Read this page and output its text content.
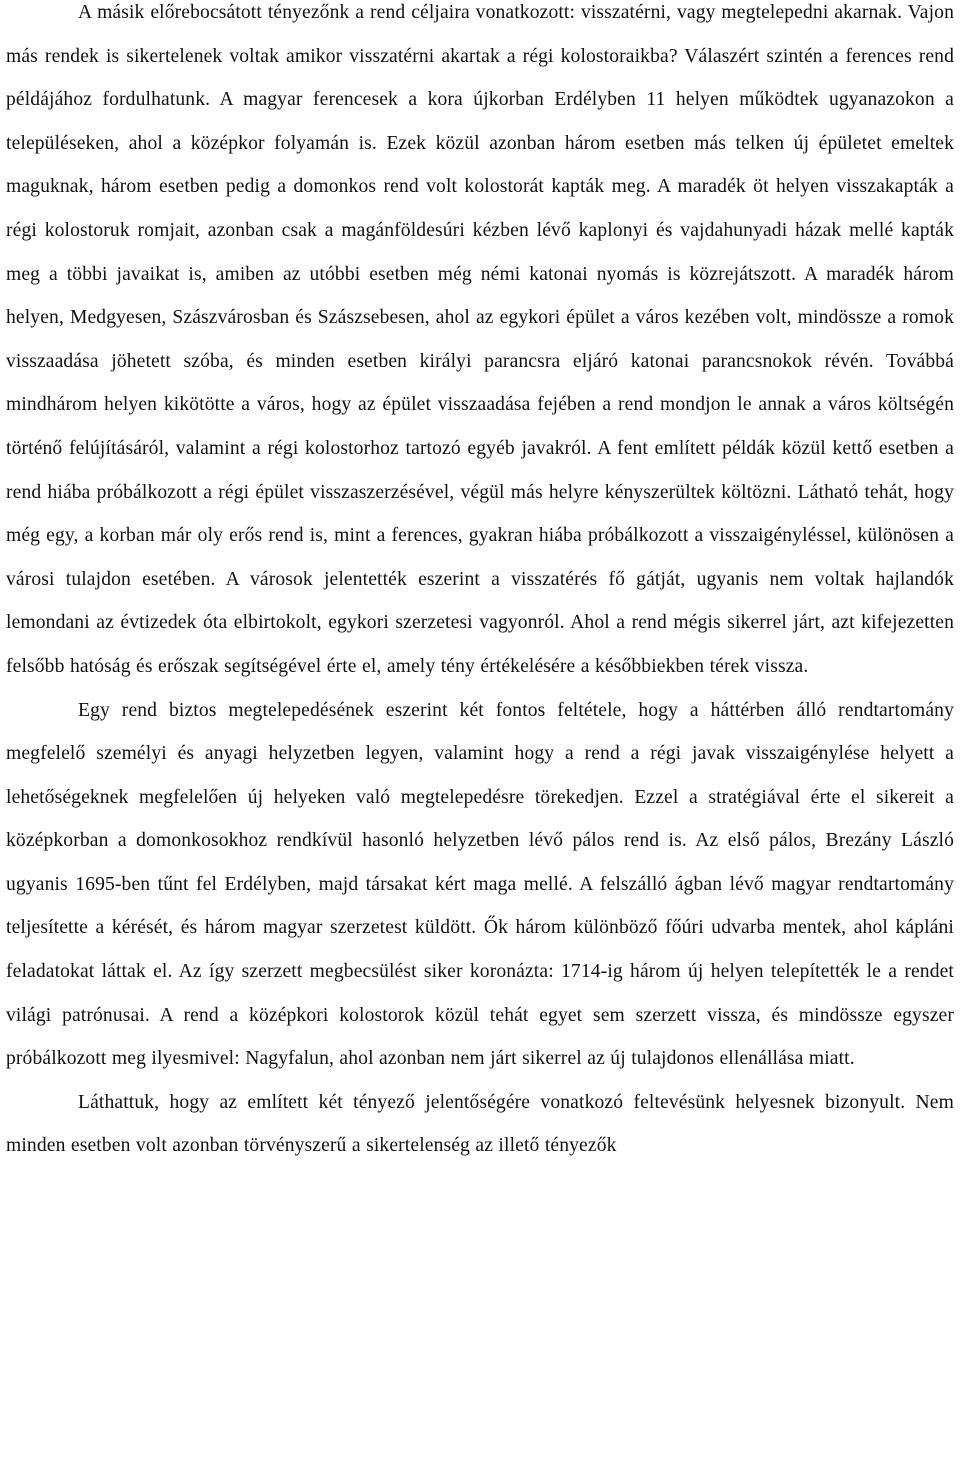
A másik előrebocsátott tényezőnk a rend céljaira vonatkozott: visszatérni, vagy megtelepedni akarnak. Vajon más rendek is sikertelenek voltak amikor visszatérni akartak a régi kolostoraikba? Válaszért szintén a ferences rend példájához fordulhatunk. A magyar ferencesek a kora újkorban Erdélyben 11 helyen működtek ugyanazokon a településeken, ahol a középkor folyamán is. Ezek közül azonban három esetben más telken új épületet emeltek maguknak, három esetben pedig a domonkos rend volt kolostorát kapták meg. A maradék öt helyen visszakapták a régi kolostoruk romjait, azonban csak a magánföldesúri kézben lévő kaplonyi és vajdahunyadi házak mellé kapták meg a többi javaikat is, amiben az utóbbi esetben még némi katonai nyomás is közrejátszott. A maradék három helyen, Medgyesen, Szászvárosban és Szászsebesen, ahol az egykori épület a város kezében volt, mindössze a romok visszaadása jöhetett szóba, és minden esetben királyi parancsra eljáró katonai parancsnokok révén. Továbbá mindhárom helyen kikötötte a város, hogy az épület visszaadása fejében a rend mondjon le annak a város költségén történő felújításáról, valamint a régi kolostorhoz tartozó egyéb javakról. A fent említett példák közül kettő esetben a rend hiába próbálkozott a régi épület visszaszerzésével, végül más helyre kényszerültek költözni. Látható tehát, hogy még egy, a korban már oly erős rend is, mint a ferences, gyakran hiába próbálkozott a visszaigényléssel, különösen a városi tulajdon esetében. A városok jelentették eszerint a visszatérés fő gátját, ugyanis nem voltak hajlandók lemondani az évtizedek óta elbirtokolt, egykori szerzetesi vagyonról. Ahol a rend mégis sikerrel járt, azt kifejezetten felsőbb hatóság és erőszak segítségével érte el, amely tény értékelésére a későbbiekben térek vissza.

Egy rend biztos megtelepedésének eszerint két fontos feltétele, hogy a háttérben álló rendtartomány megfelelő személyi és anyagi helyzetben legyen, valamint hogy a rend a régi javak visszaigénylése helyett a lehetőségeknek megfelelően új helyeken való megtelepedésre törekedjen. Ezzel a stratégiával érte el sikereit a középkorban a domonkosokhoz rendkívül hasonló helyzetben lévő pálos rend is. Az első pálos, Brezány László ugyanis 1695-ben tűnt fel Erdélyben, majd társakat kért maga mellé. A felszálló ágban lévő magyar rendtartomány teljesítette a kérését, és három magyar szerzetest küldött. Ők három különböző főúri udvarba mentek, ahol kápláni feladatokat láttak el. Az így szerzett megbecsülést siker koronázta: 1714-ig három új helyen telepítették le a rendet világi patrónusai. A rend a középkori kolostorok közül tehát egyet sem szerzett vissza, és mindössze egyszer próbálkozott meg ilyesmivel: Nagyfalun, ahol azonban nem járt sikerrel az új tulajdonos ellenállása miatt.

Láthattuk, hogy az említett két tényező jelentőségére vonatkozó feltevésünk helyesnek bizonyult. Nem minden esetben volt azonban törvényszerű a sikertelenség az illető tényezők
